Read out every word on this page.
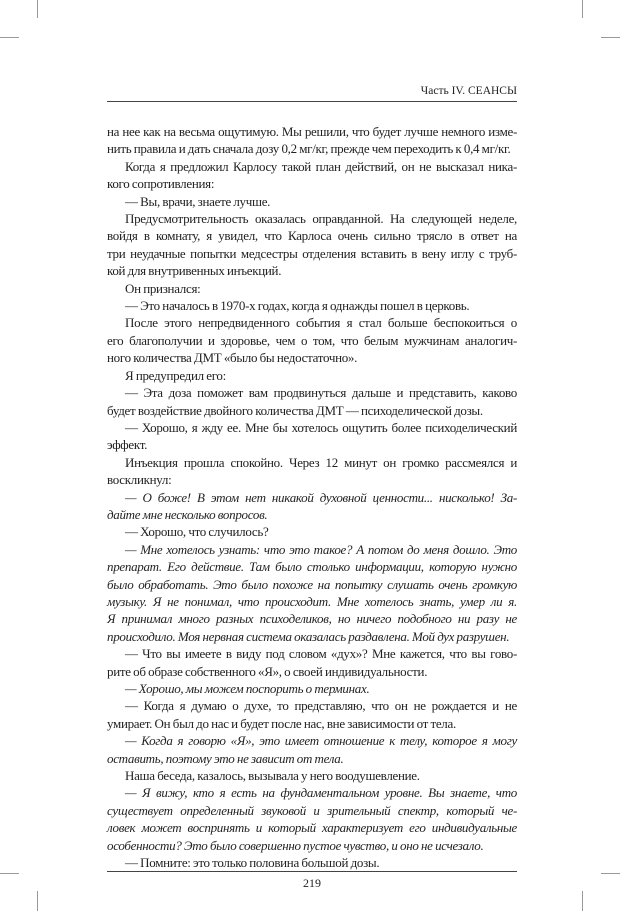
Часть IV. СЕАНСЫ
на нее как на весьма ощутимую. Мы решили, что будет лучше немного изме-
нить правила и дать сначала дозу 0,2 мг/кг, прежде чем переходить к 0,4 мг/кг.
Когда я предложил Карлосу такой план действий, он не высказал ника-
кого сопротивления:
— Вы, врачи, знаете лучше.
Предусмотрительность оказалась оправданной. На следующей неделе,
войдя в комнату, я увидел, что Карлоса очень сильно трясло в ответ на
три неудачные попытки медсестры отделения вставить в вену иглу с труб-
кой для внутривенных инъекций.
Он признался:
— Это началось в 1970-х годах, когда я однажды пошел в церковь.
После этого непредвиденного события я стал больше беспокоиться о
его благополучии и здоровье, чем о том, что белым мужчинам аналогич-
ного количества ДМТ «было бы недостаточно».
Я предупредил его:
— Эта доза поможет вам продвинуться дальше и представить, каково
будет воздействие двойного количества ДМТ — психоделической дозы.
— Хорошо, я жду ее. Мне бы хотелось ощутить более психоделический
эффект.
Инъекция прошла спокойно. Через 12 минут он громко рассмеялся и
воскликнул:
— О боже! В этом нет никакой духовной ценности... нисколько! За-
дайте мне несколько вопросов.
— Хорошо, что случилось?
— Мне хотелось узнать: что это такое? А потом до меня дошло. Это
препарат. Его действие. Там было столько информации, которую нужно
было обработать. Это было похоже на попытку слушать очень громкую
музыку. Я не понимал, что происходит. Мне хотелось знать, умер ли я.
Я принимал много разных психоделиков, но ничего подобного ни разу не
происходило. Моя нервная система оказалась раздавлена. Мой дух разрушен.
— Что вы имеете в виду под словом «дух»? Мне кажется, что вы гово-
рите об образе собственного «Я», о своей индивидуальности.
— Хорошо, мы можем поспорить о терминах.
— Когда я думаю о духе, то представляю, что он не рождается и не
умирает. Он был до нас и будет после нас, вне зависимости от тела.
— Когда я говорю «Я», это имеет отношение к телу, которое я могу
оставить, поэтому это не зависит от тела.
Наша беседа, казалось, вызывала у него воодушевление.
— Я вижу, кто я есть на фундаментальном уровне. Вы знаете, что
существует определенный звуковой и зрительный спектр, который че-
ловек может воспринять и который характеризует его индивидуальные
особенности? Это было совершенно пустое чувство, и оно не исчезало.
— Помните: это только половина большой дозы.
219
